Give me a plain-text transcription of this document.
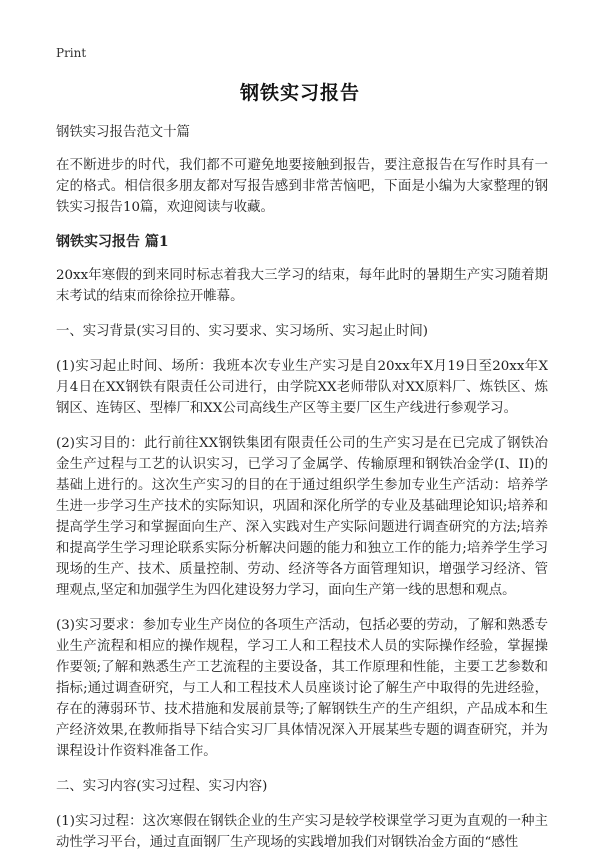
Print
钢铁实习报告

钢铁实习报告范文十篇

在不断进步的时代，我们都不可避免地要接触到报告，要注意报告在写作时具有一定的格式。相信很多朋友都对写报告感到非常苦恼吧，下面是小编为大家整理的钢铁实习报告10篇，欢迎阅读与收藏。

钢铁实习报告 篇1

20xx年寒假的到来同时标志着我大三学习的结束，每年此时的暑期生产实习随着期末考试的结束而徐徐拉开帷幕。

一、实习背景(实习目的、实习要求、实习场所、实习起止时间)

(1)实习起止时间、场所：我班本次专业生产实习是自20xx年X月19日至20xx年X月4日在XX钢铁有限责任公司进行，由学院XX老师带队对XX原料厂、炼铁区、炼钢区、连铸区、型棒厂和XX公司高线生产区等主要厂区生产线进行参观学习。

(2)实习目的：此行前往XX钢铁集团有限责任公司的生产实习是在已完成了钢铁冶金生产过程与工艺的认识实习，已学习了金属学、传输原理和钢铁冶金学(I、II)的基础上进行的。这次生产实习的目的在于通过组织学生参加专业生产活动：培养学生进一步学习生产技术的实际知识，巩固和深化所学的专业及基础理论知识;培养和提高学生学习和掌握面向生产、深入实践对生产实际问题进行调查研究的方法;培养和提高学生学习理论联系实际分析解决问题的能力和独立工作的能力;培养学生学习现场的生产、技术、质量控制、劳动、经济等各方面管理知识，增强学习经济、管理观点,坚定和加强学生为四化建设努力学习，面向生产第一线的思想和观点。

(3)实习要求：参加专业生产岗位的各项生产活动，包括必要的劳动，了解和熟悉专业生产流程和相应的操作规程，学习工人和工程技术人员的实际操作经验，掌握操作要领;了解和熟悉生产工艺流程的主要设备，其工作原理和性能，主要工艺参数和指标;通过调查研究，与工人和工程技术人员座谈讨论了解生产中取得的先进经验，存在的薄弱环节、技术措施和发展前景等;了解钢铁生产的生产组织，产品成本和生产经济效果,在教师指导下结合实习厂具体情况深入开展某些专题的调查研究，并为课程设计作资料准备工作。

二、实习内容(实习过程、实习内容)

(1)实习过程：这次寒假在钢铁企业的生产实习是较学校课堂学习更为直观的一种主动性学习平台，通过直面钢厂生产现场的实践增加我们对钢铁冶金方面的“感性
